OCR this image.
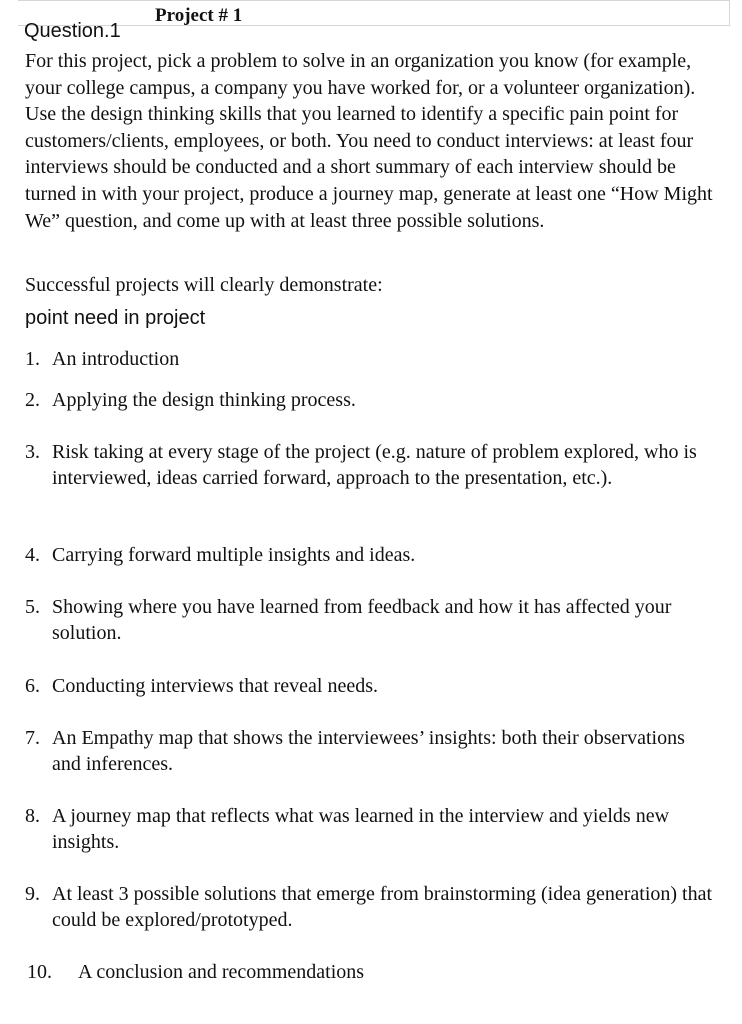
Project # 1
Question.1

For this project, pick a problem to solve in an organization you know (for example, your college campus, a company you have worked for, or a volunteer organization). Use the design thinking skills that you learned to identify a specific pain point for customers/clients, employees, or both. You need to conduct interviews: at least four interviews should be conducted and a short summary of each interview should be turned in with your project, produce a journey map, generate at least one “How Might We” question, and come up with at least three possible solutions.

Successful projects will clearly demonstrate:

point need in project

1. An introduction
2. Applying the design thinking process.
3. Risk taking at every stage of the project (e.g. nature of problem explored, who is interviewed, ideas carried forward, approach to the presentation, etc.).
4. Carrying forward multiple insights and ideas.
5. Showing where you have learned from feedback and how it has affected your solution.
6. Conducting interviews that reveal needs.
7. An Empathy map that shows the interviewees’ insights: both their observations and inferences.
8. A journey map that reflects what was learned in the interview and yields new insights.
9. At least 3 possible solutions that emerge from brainstorming (idea generation) that could be explored/prototyped.
10.	A conclusion and recommendations
